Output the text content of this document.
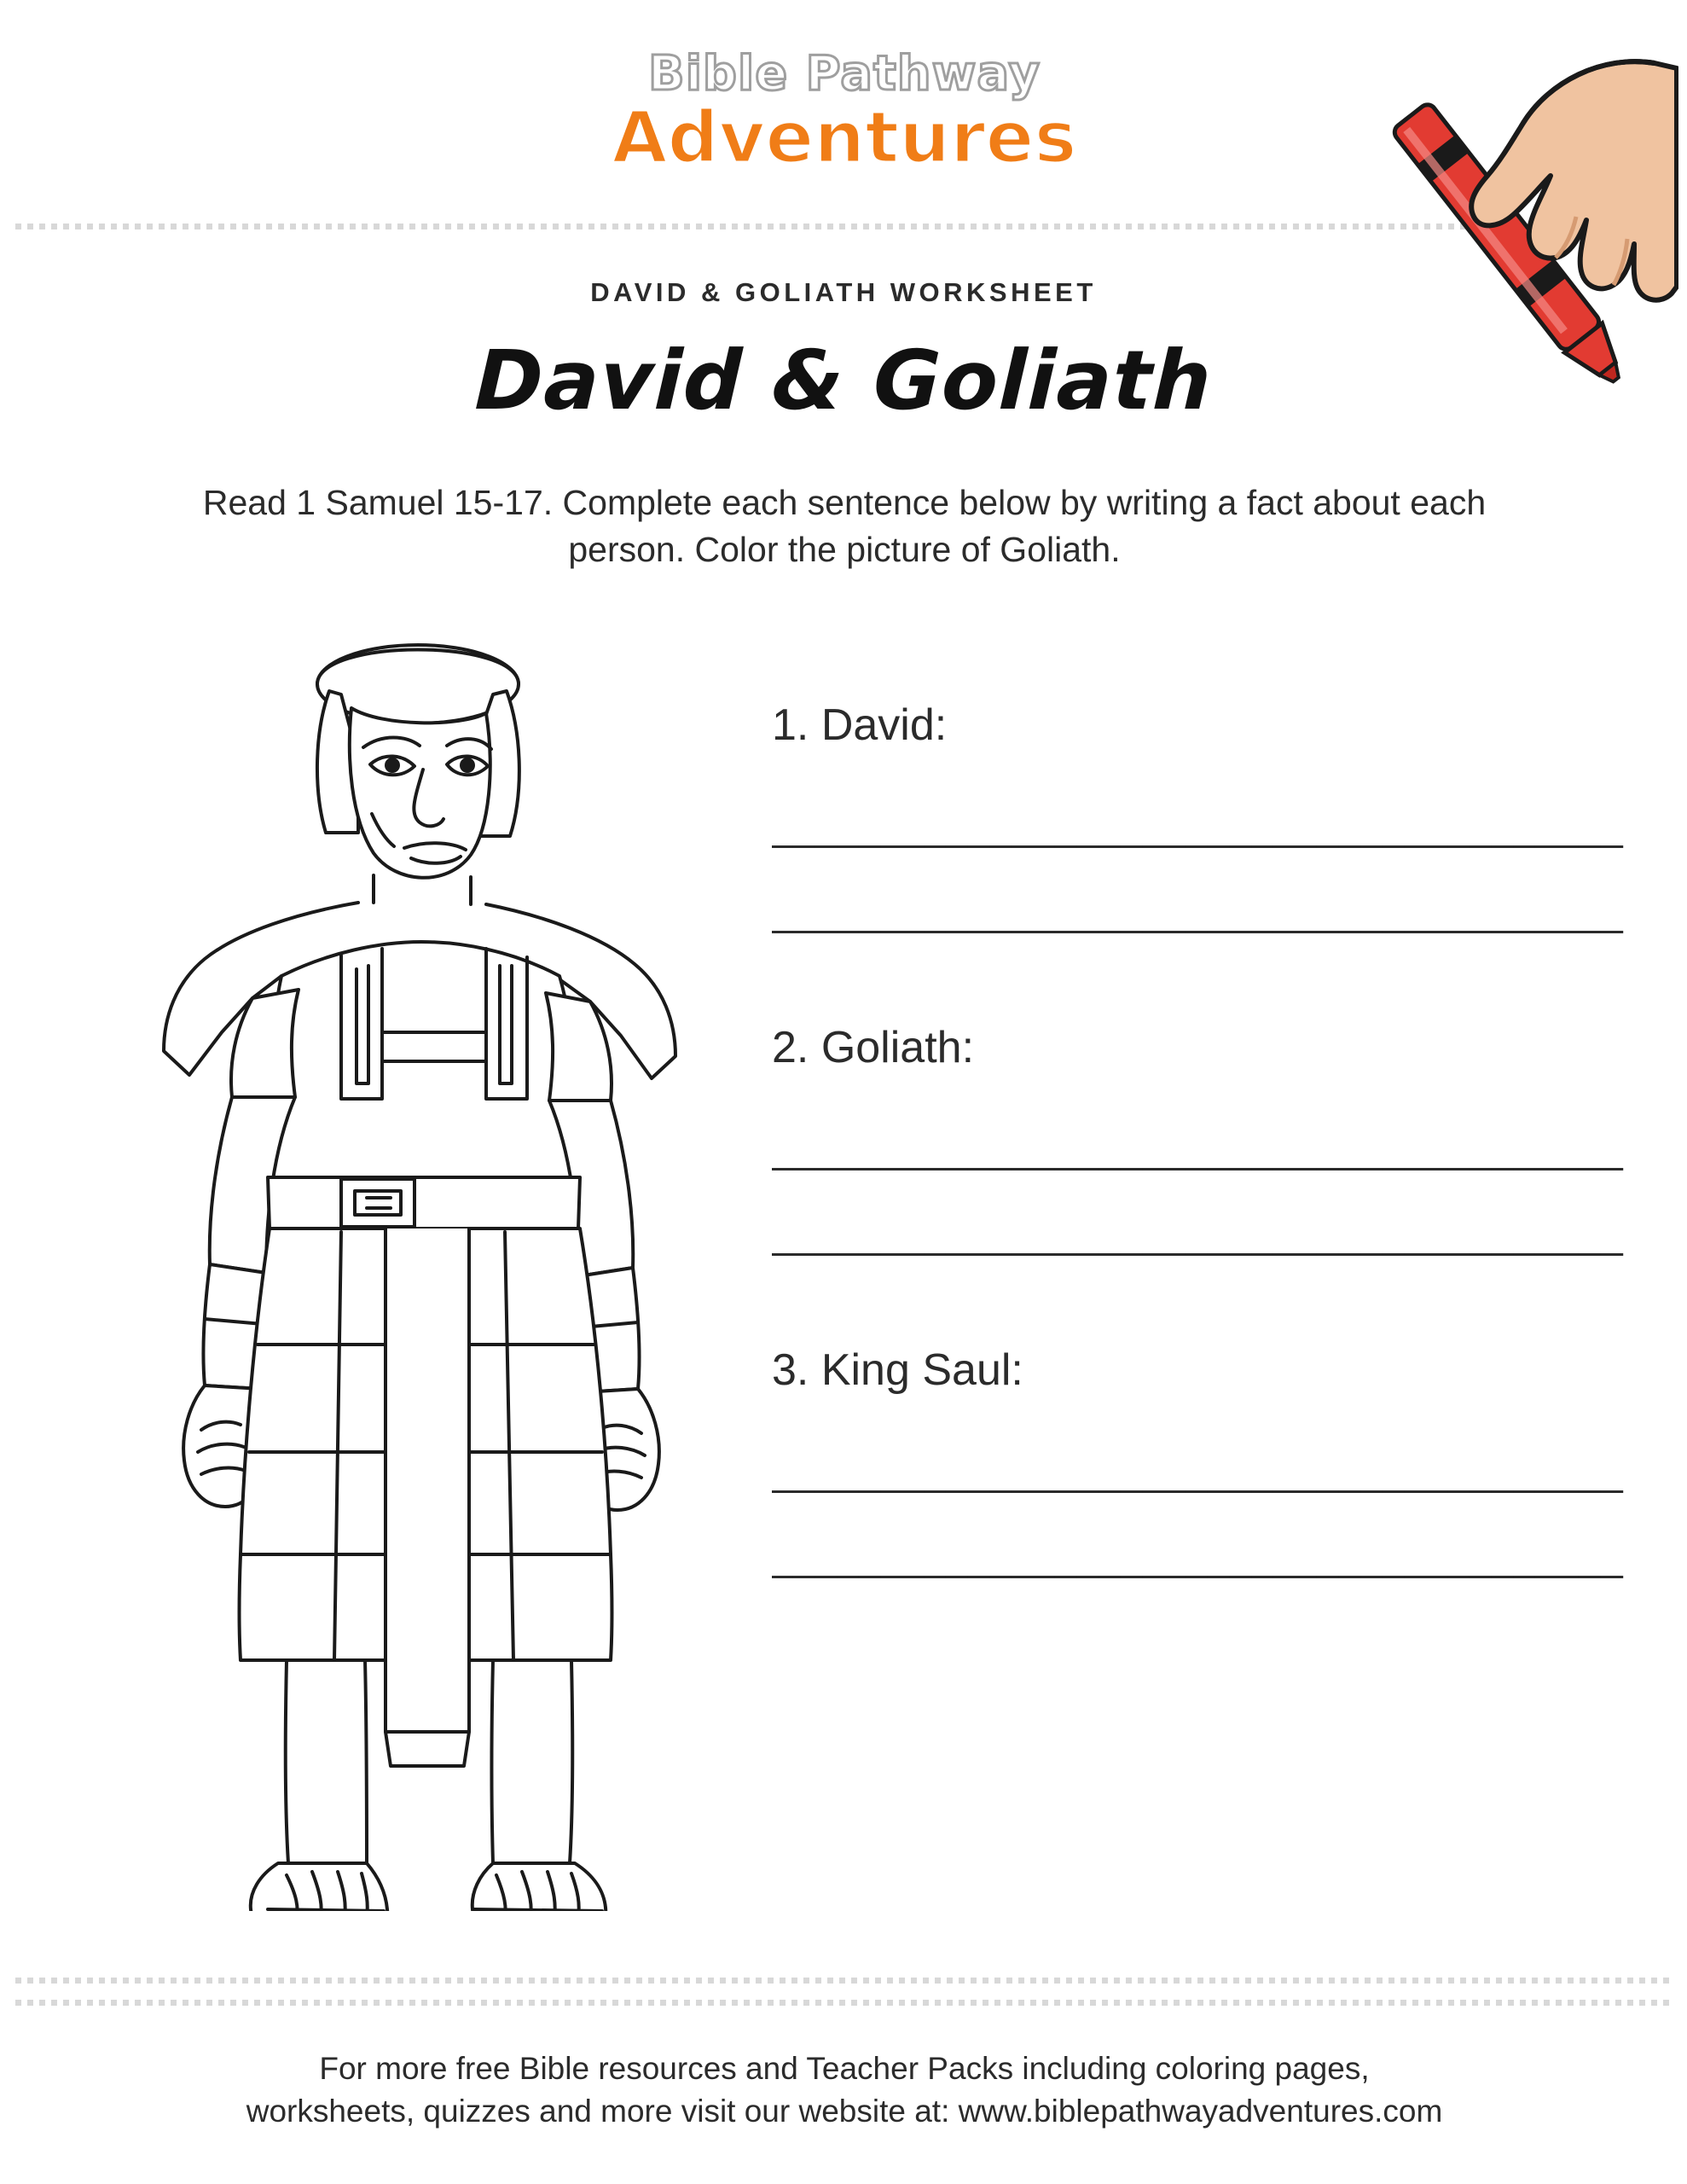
Bible Pathway
Adventures
DAVID & GOLIATH WORKSHEET
David & Goliath
Read 1 Samuel 15-17. Complete each sentence below by writing a fact about each person. Color the picture of Goliath.
1. David:
_______________________________________
_______________________________________
2. Goliath:
_______________________________________
_______________________________________
3. King Saul:
_______________________________________
_______________________________________
For more free Bible resources and Teacher Packs including coloring pages,
worksheets, quizzes and more visit our website at: www.biblepathwayadventures.com
